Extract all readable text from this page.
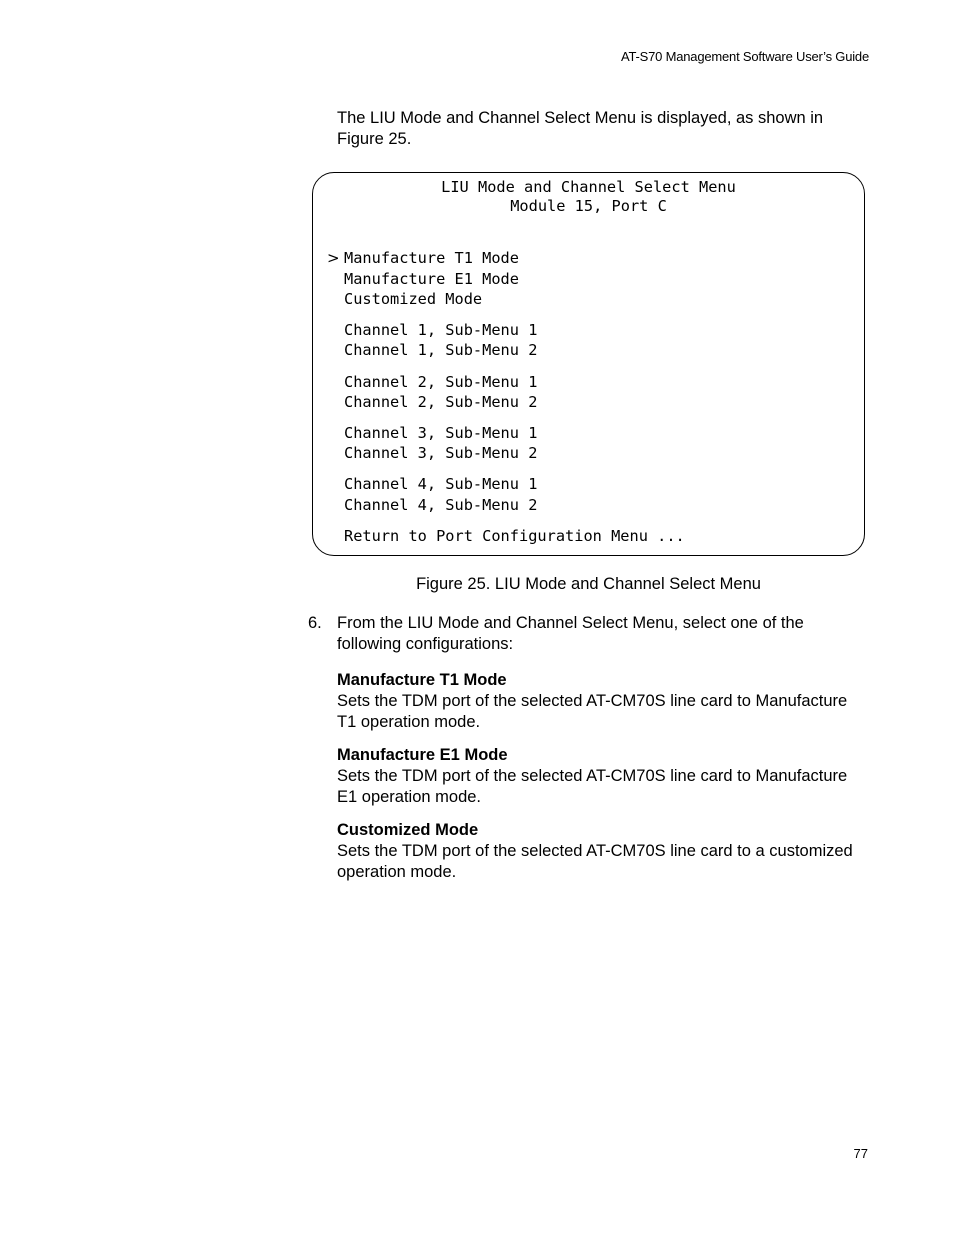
AT-S70 Management Software User’s Guide

The LIU Mode and Channel Select Menu is displayed, as shown in Figure 25.

LIU Mode and Channel Select Menu
Module 15, Port C
> Manufacture T1 Mode
Manufacture E1 Mode
Customized Mode
Channel 1, Sub-Menu 1
Channel 1, Sub-Menu 2
Channel 2, Sub-Menu 1
Channel 2, Sub-Menu 2
Channel 3, Sub-Menu 1
Channel 3, Sub-Menu 2
Channel 4, Sub-Menu 1
Channel 4, Sub-Menu 2
Return to Port Configuration Menu ...

Figure 25. LIU Mode and Channel Select Menu

6. From the LIU Mode and Channel Select Menu, select one of the following configurations:
Manufacture T1 Mode
Sets the TDM port of the selected AT-CM70S line card to Manufacture T1 operation mode.
Manufacture E1 Mode
Sets the TDM port of the selected AT-CM70S line card to Manufacture E1 operation mode.
Customized Mode
Sets the TDM port of the selected AT-CM70S line card to a customized operation mode.
77
